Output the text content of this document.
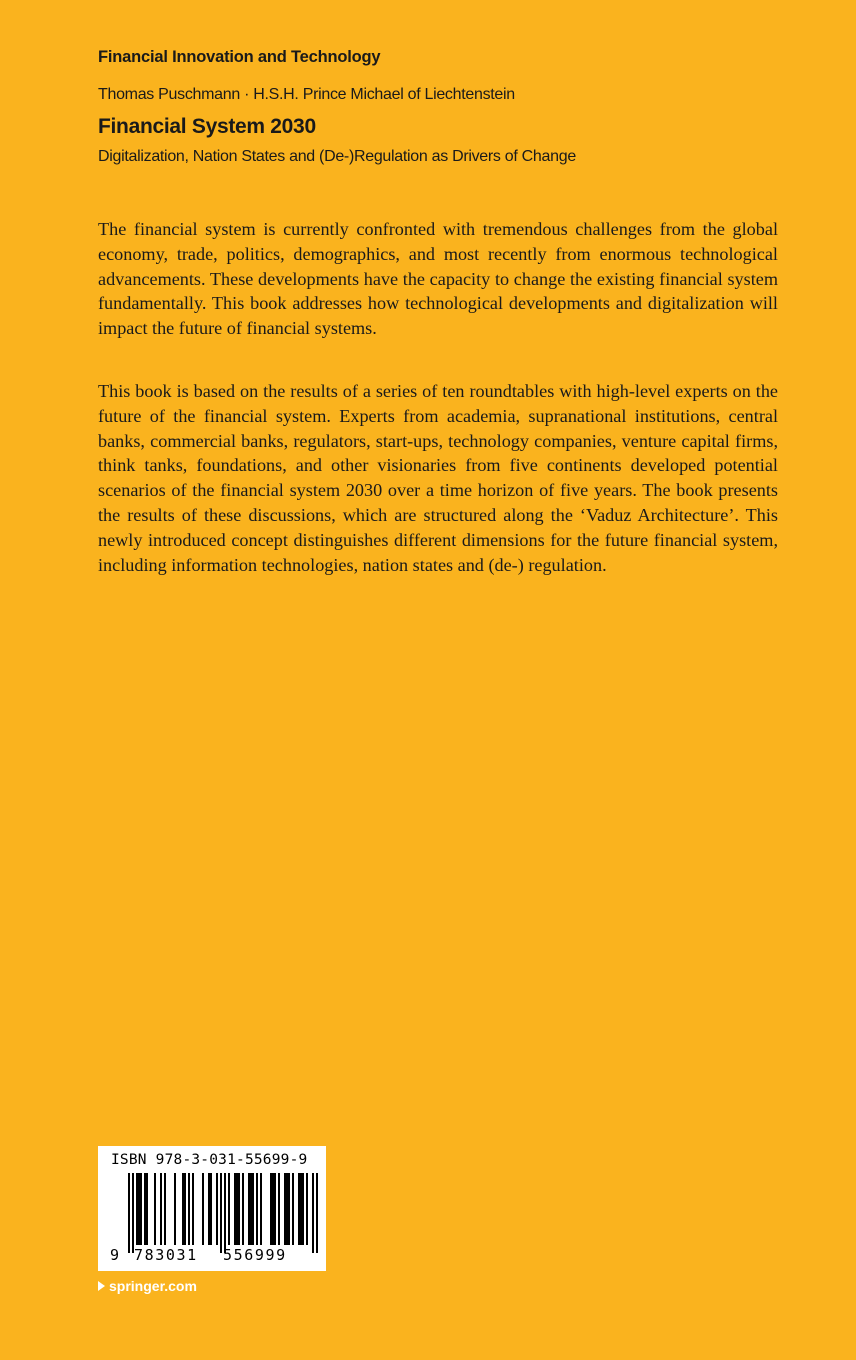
Financial Innovation and Technology
Thomas Puschmann · H.S.H. Prince Michael of Liechtenstein
Financial System 2030
Digitalization, Nation States and (De-)Regulation as Drivers of Change

The financial system is currently confronted with tremendous challenges from the global economy, trade, politics, demographics, and most recently from enormous technological advancements. These developments have the capacity to change the existing financial system fundamentally. This book addresses how technological developments and digitalization will impact the future of financial systems.

This book is based on the results of a series of ten roundtables with high-level experts on the future of the financial system. Experts from academia, supranational institutions, central banks, commercial banks, regulators, start-ups, technology companies, venture capital firms, think tanks, foundations, and other visionaries from five continents developed potential scenarios of the financial system 2030 over a time horizon of five years. The book presents the results of these discussions, which are structured along the ‘Vaduz Architecture’. This newly introduced concept distinguishes different dimensions for the future financial system, including information technologies, nation states and (de-) regulation.

ISBN 978-3-031-55699-9
9 783031 556999
springer.com
